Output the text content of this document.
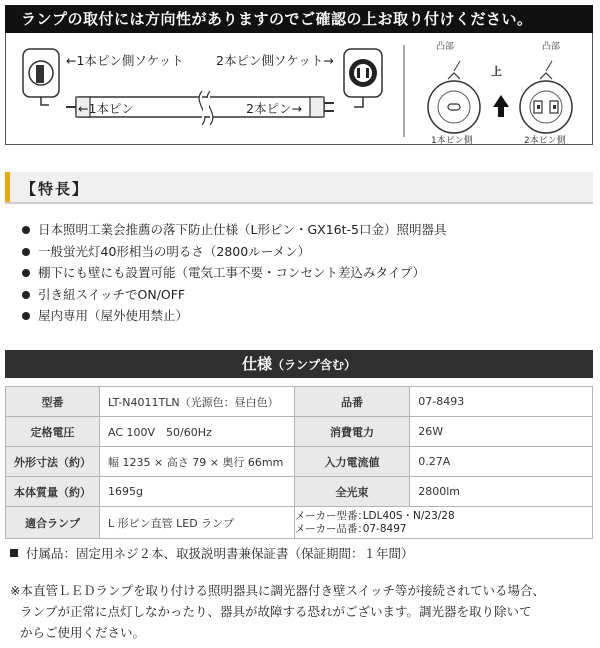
ランプの取付には方向性がありますのでご確認の上お取り付けください。
←1本ピン側ソケット	2本ピン側ソケット→
←1本ピン	2本ピン→
凸部	凸部
上
1本ピン側	2本ピン側
【特長】
日本照明工業会推薦の落下防止仕様（L形ピン・GX16t-5口金）照明器具
一般蛍光灯40形相当の明るさ（2800ルーメン）
棚下にも壁にも設置可能（電気工事不要・コンセント差込みタイプ）
引き紐スイッチでON/OFF
屋内専用（屋外使用禁止）
仕様（ランプ含む）
型番	LT-N4011TLN（光源色：昼白色）	品番	07-8493
定格電圧	AC 100V　50/60Hz	消費電力	26W
外形寸法（約）	幅 1235 × 高さ 79 × 奥行 66mm	入力電流値	0.27A
本体質量（約）	1695g	全光束	2800lm
適合ランプ	L 形ピン直管 LED ランプ	メーカー型番：LDL40S・N/23/28
メーカー品番：07-8497	
付属品：固定用ネジ２本、取扱説明書兼保証書（保証期間：１年間）
※本直管ＬＥＤランプを取り付ける照明器具に調光器付き壁スイッチ等が接続されている場合、
ランプが正常に点灯しなかったり、器具が故障する恐れがございます。調光器を取り除いて
からご使用ください。
